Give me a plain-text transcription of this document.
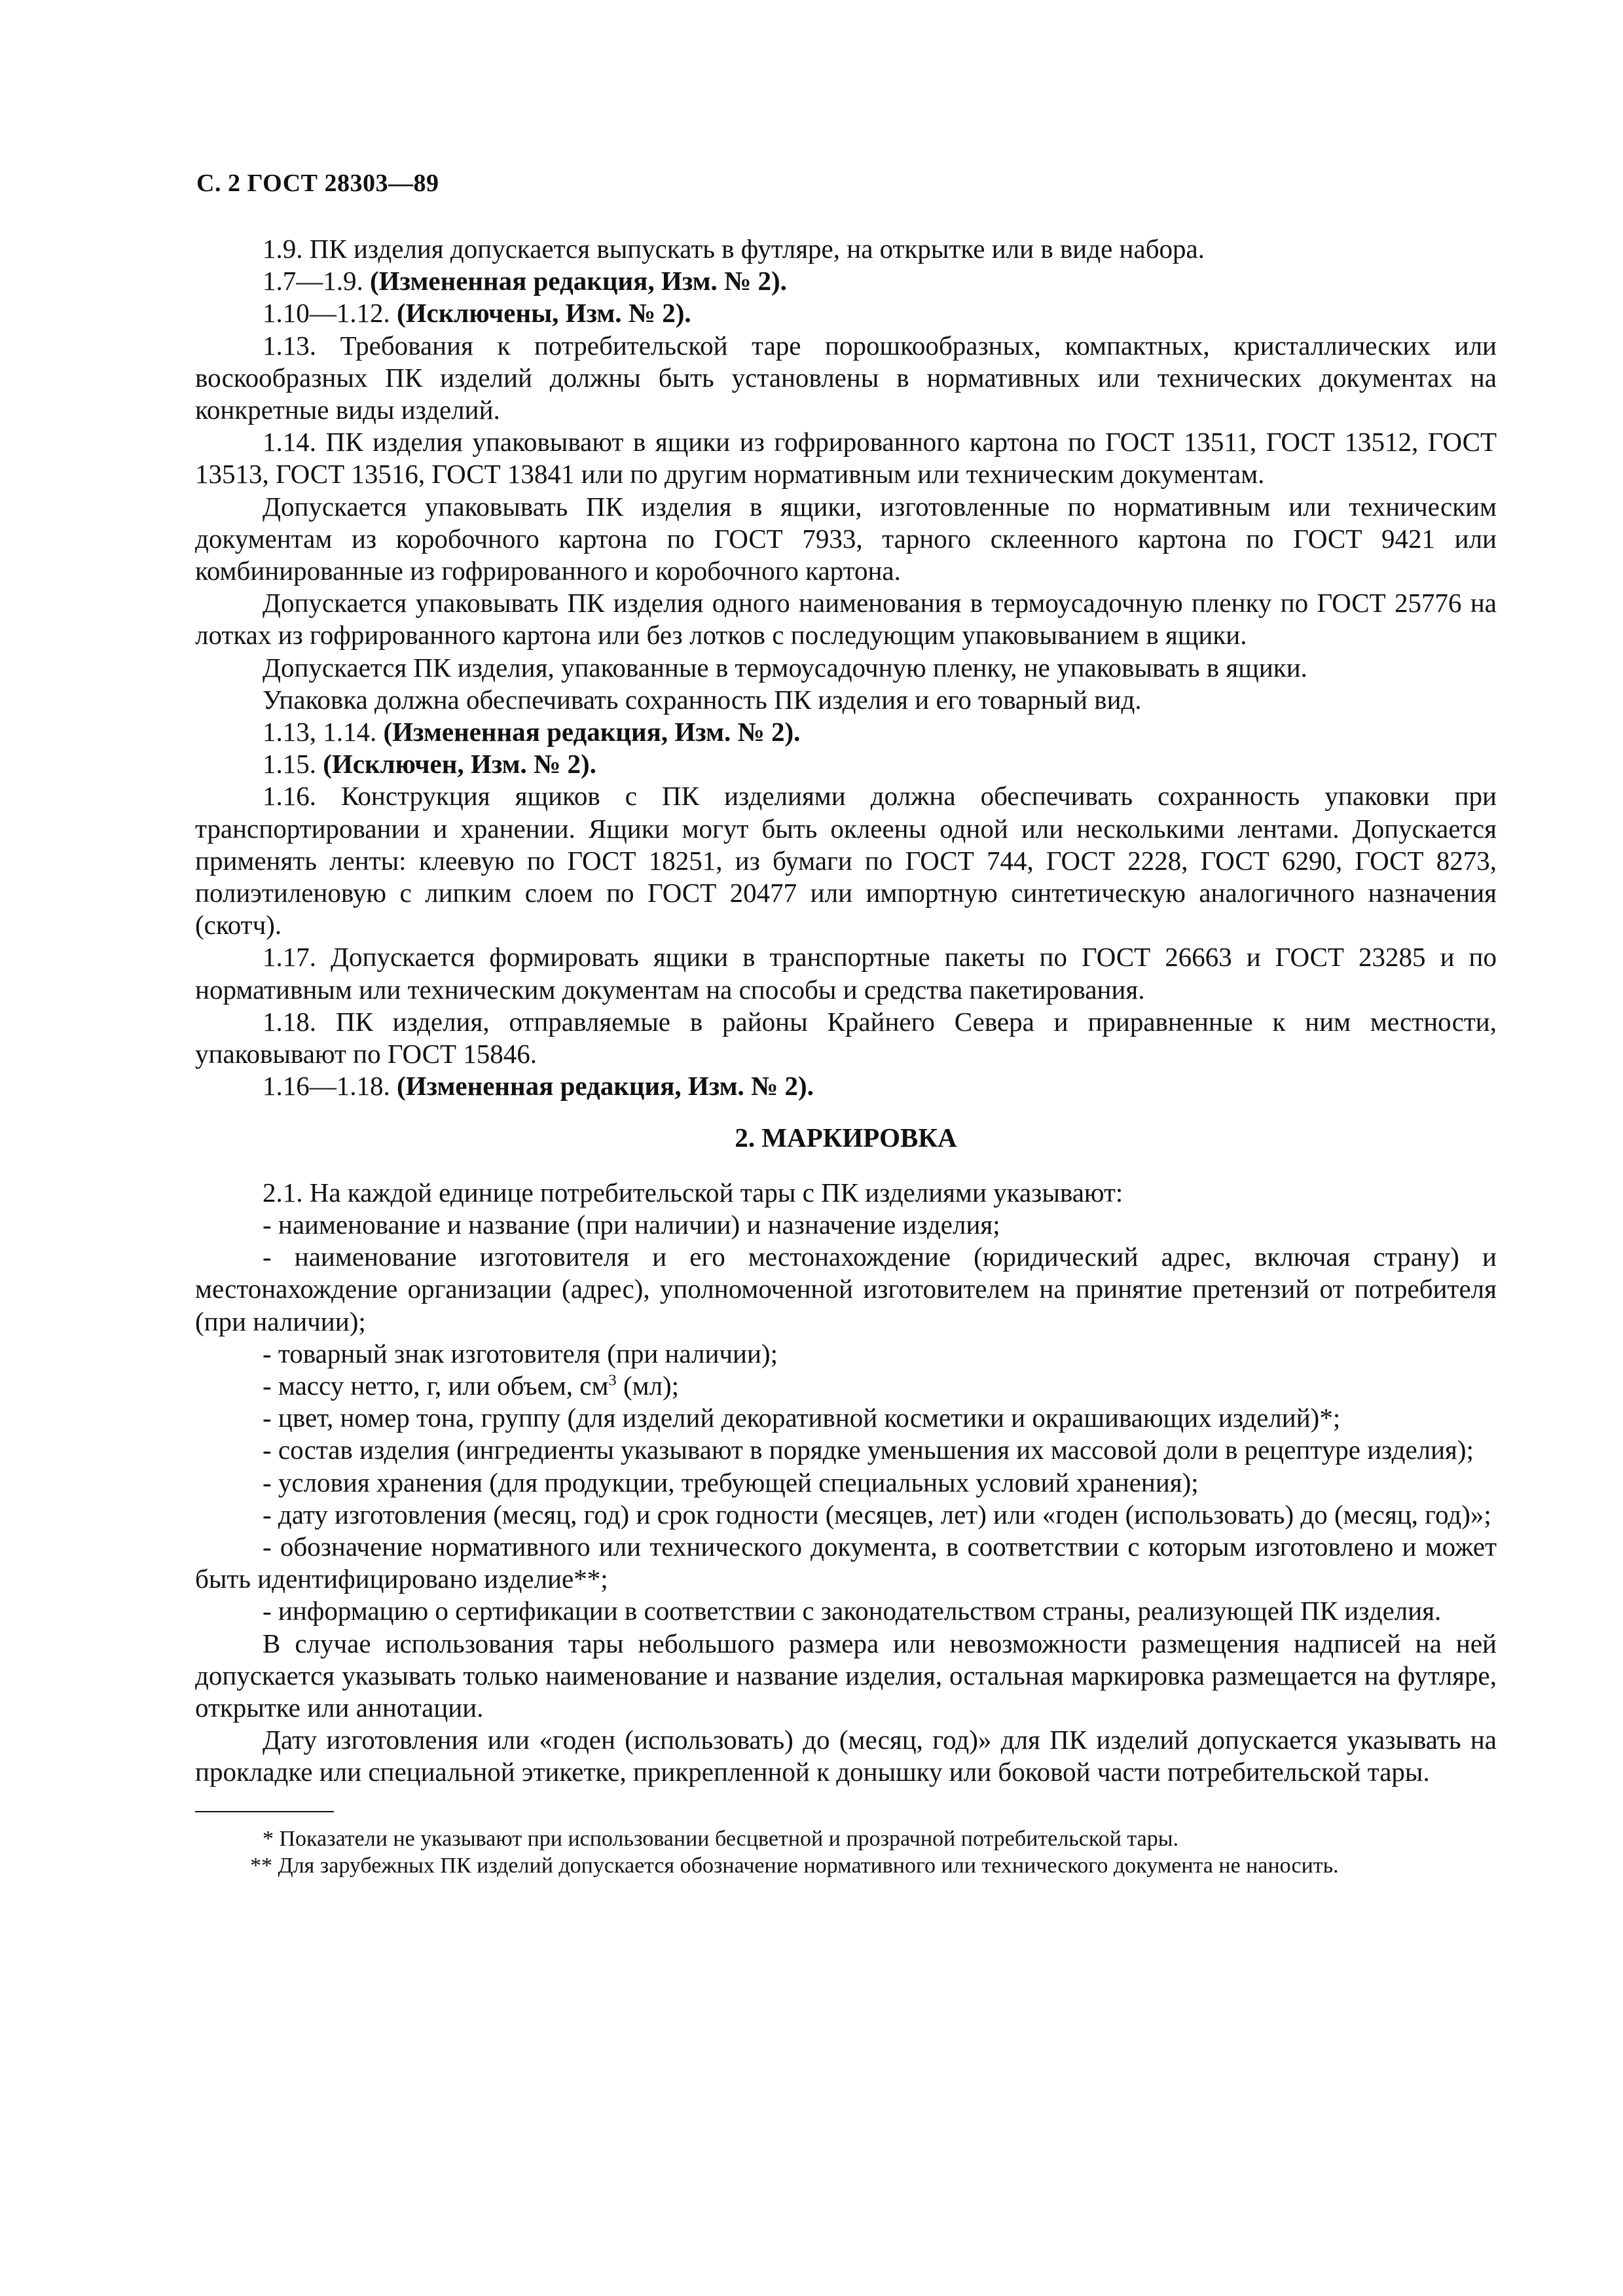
С. 2 ГОСТ 28303—89

1.9. ПК изделия допускается выпускать в футляре, на открытке или в виде набора.

1.7—1.9. (Измененная редакция, Изм. № 2).

1.10—1.12. (Исключены, Изм. № 2).

1.13. Требования к потребительской таре порошкообразных, компактных, кристаллических или воскообразных ПК изделий должны быть установлены в нормативных или технических документах на конкретные виды изделий.

1.14. ПК изделия упаковывают в ящики из гофрированного картона по ГОСТ 13511, ГОСТ 13512, ГОСТ 13513, ГОСТ 13516, ГОСТ 13841 или по другим нормативным или техническим документам.

Допускается упаковывать ПК изделия в ящики, изготовленные по нормативным или техническим документам из коробочного картона по ГОСТ 7933, тарного склеенного картона по ГОСТ 9421 или комбинированные из гофрированного и коробочного картона.

Допускается упаковывать ПК изделия одного наименования в термоусадочную пленку по ГОСТ 25776 на лотках из гофрированного картона или без лотков с последующим упаковыванием в ящики.

Допускается ПК изделия, упакованные в термоусадочную пленку, не упаковывать в ящики.

Упаковка должна обеспечивать сохранность ПК изделия и его товарный вид.

1.13, 1.14. (Измененная редакция, Изм. № 2).

1.15. (Исключен, Изм. № 2).

1.16. Конструкция ящиков с ПК изделиями должна обеспечивать сохранность упаковки при транспортировании и хранении. Ящики могут быть оклеены одной или несколькими лентами. Допускается применять ленты: клеевую по ГОСТ 18251, из бумаги по ГОСТ 744, ГОСТ 2228, ГОСТ 6290, ГОСТ 8273, полиэтиленовую с липким слоем по ГОСТ 20477 или импортную синтетическую аналогичного назначения (скотч).

1.17. Допускается формировать ящики в транспортные пакеты по ГОСТ 26663 и ГОСТ 23285 и по нормативным или техническим документам на способы и средства пакетирования.

1.18. ПК изделия, отправляемые в районы Крайнего Севера и приравненные к ним местности, упаковывают по ГОСТ 15846.

1.16—1.18. (Измененная редакция, Изм. № 2).

2. МАРКИРОВКА

2.1. На каждой единице потребительской тары с ПК изделиями указывают:

- наименование и название (при наличии) и назначение изделия;

- наименование изготовителя и его местонахождение (юридический адрес, включая страну) и местонахождение организации (адрес), уполномоченной изготовителем на принятие претензий от потребителя (при наличии);

- товарный знак изготовителя (при наличии);

- массу нетто, г, или объем, $см^3$ (мл);

- цвет, номер тона, группу (для изделий декоративной косметики и окрашивающих изделий)*;

- состав изделия (ингредиенты указывают в порядке уменьшения их массовой доли в рецептуре изделия);

- условия хранения (для продукции, требующей специальных условий хранения);

- дату изготовления (месяц, год) и срок годности (месяцев, лет) или «годен (использовать) до (месяц, год)»;

- обозначение нормативного или технического документа, в соответствии с которым изготовлено и может быть идентифицировано изделие**;

- информацию о сертификации в соответствии с законодательством страны, реализующей ПК изделия.

В случае использования тары небольшого размера или невозможности размещения надписей на ней допускается указывать только наименование и название изделия, остальная маркировка размещается на футляре, открытке или аннотации.

Дату изготовления или «годен (использовать) до (месяц, год)» для ПК изделий допускается указывать на прокладке или специальной этикетке, прикрепленной к донышку или боковой части потребительской тары.

* Показатели не указывают при использовании бесцветной и прозрачной потребительской тары.

** Для зарубежных ПК изделий допускается обозначение нормативного или технического документа не наносить.
